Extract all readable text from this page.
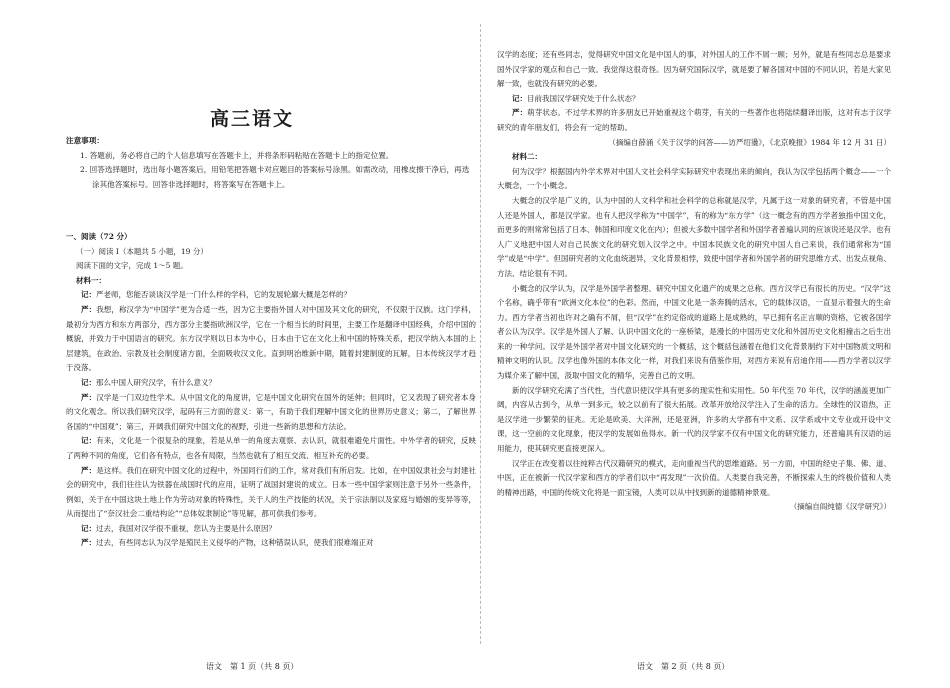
高三语文
注意事项：
1. 答题前，务必将自己的个人信息填写在答题卡上，并将条形码粘贴在答题卡上的指定位置。
2. 回答选择题时，选出每小题答案后，用铅笔把答题卡对应题目的答案标号涂黑。如需改动，用橡皮擦干净后，再选涂其他答案标号。回答非选择题时，将答案写在答题卡上。
一、阅读（72 分）
（一）阅读 I（本题共 5 小题，19 分）
阅读下面的文字，完成 1～5 题。
材料一：

记：严老师，您能否谈谈汉学是一门什么样的学科，它的发展轮廓大概是怎样的？

严：我想，称汉学为“中国学”更为合适一些，因为它主要指外国人对中国及其文化的研究，不仅限于汉族。这门学科，最初分为西方和东方两部分，西方部分主要指欧洲汉学，它在一个相当长的时间里，主要工作是翻译中国经典，介绍中国的概貌，并致力于中国语言的研究。东方汉学则以日本为中心，日本由于它在文化上和中国的特殊关系，把汉学纳入本国的上层建筑，在政治、宗教及社会制度诸方面，全面吸收汉文化。直到明治维新中期，随着封建制度的瓦解，日本传统汉学才趋于没落。

记：那么中国人研究汉学，有什么意义？

严：汉学是一门双边性学术。从中国文化的角度讲，它是中国文化研究在国外的延伸；但同时，它又表现了研究者本身的文化观念。所以我们研究汉学，起码有三方面的意义：第一，有助于我们理解中国文化的世界历史意义；第二，了解世界各国的“中国观”；第三，开阔我们研究中国文化的视野，引进一些新的思想和方法论。

记：有来，文化是一个很复杂的现象，若是从单一的角度去观察、去认识，就很难避免片面性。中外学者的研究，反映了两种不同的角度，它们各有特点，也各有局限，当然也就有了相互交流、相互补充的必要。

严：是这样。我们在研究中国文化的过程中，外国同行们的工作，常对我们有所启发。比如，在中国奴隶社会与封建社会的研究中，我们往往认为铁器在战国时代的应用，证明了战国封建说的成立。日本一些中国学家则注意于另外一些条件，例如，关于在中国这块土地上作为劳动对象的特殊性，关于人的生产技能的状况，关于宗法制以及家庭与婚姻的变异等等，从而提出了“奈汉社会二重结构论”“总体奴隶制论”等见解，都可供我们参考。

记：过去，我国对汉学很不重视，您认为主要是什么原因？

严：过去，有些同志认为汉学是殖民主义侵华的产物，这种错误认识，使我们很难端正对

语文　第 1 页（共 8 页）

汉学的态度；还有些同志，觉得研究中国文化是中国人的事，对外国人的工作不屑一顾；另外，就是有些同志总是要求国外汉学家的观点和自己一致。我觉得这很奇怪。因为研究国际汉学，就是要了解各国对中国的不同认识，若是大家见解一致，也就没有研究的必要。

记：目前我国汉学研究处于什么状态？

严：萌芽状态。不过学术界的许多朋友已开始重视这个萌芽，有关的一些著作也将陆续翻译出版，这对有志于汉学研究的青年朋友们，将会有一定的帮助。

（摘编自薛涌《关于汉学的问答——访严绍璗》，《北京晚报》1984 年 12 月 31 日）
材料二：

何为汉学？根据国内外学术界对中国人文社会科学实际研究中表现出来的倾向，我认为汉学包括两个概念——一个大概念，一个小概念。

大概念的汉学是广义的，认为中国的人文科学和社会科学的总称就是汉学，凡属于这一对象的研究者，不管是中国人还是外国人，都是汉学家。也有人把汉学称为“中国学”，有的称为“东方学”（这一概念有的西方学者独指中国文化，而更多的则常常包括了日本、韩国和印度文化在内）；但被大多数中国学者和外国学者普遍认同的应该说还是汉学。也有人广义地把中国人对自己民族文化的研究划入汉学之中。中国本民族文化的研究中国人自己来说，我们通常称为“国学”或是“中学”。但国研究者的文化血统迥异，文化背景相悖，致使中国学者和外国学者的研究思维方式、出发点视角、方法、结论很有不同。

小概念的汉学认为，汉学是外国学者整理、研究中国文化遗产的成果之总称。西方汉学已有很长的历史。“汉学”这个名称，确乎带有“欧洲文化本位”的色彩。然而，中国文化是一条奔腾的活水，它的载体汉语，一直显示着强大的生命力。西方学者当初也许对之确有不屑，但“汉学”在约定俗成的道路上是成熟的，早已拥有名正言顺的资格，它被各国学者公认为汉学。汉学是外国人了解、认识中国文化的一座桥梁，是漫长的中国历史文化和外国历史文化相撞击之后生出来的一种学问。汉学是外国学者对中国文化研究的一个概括，这个概括包涵着在他们文化背景制约下对中国物质文明和精神文明的认识。汉学也像外国的本体文化一样，对我们来说有借鉴作用，对西方来说有启迪作用——西方学者以汉学为媒介来了解中国，汲取中国文化的精华，完善自己的文明。

新的汉学研究充满了当代性，当代意识使汉学具有更多的现实性和实用性。50 年代至 70 年代，汉学的涵盖更加广阔，内容从古到今，从单一到多元，较之以前有了很大拓展。改革开放给汉学注入了生命的活力。全球性的汉语热，正是汉学进一步繁荣的征兆。无论是欧美、大洋洲，还是亚洲，许多的大学都有中文系、汉学系或中文专业或开设中文课，这一空前的文化现象，使汉学的发展如鱼得水。新一代的汉学家不仅有中国文化的研究能力，还普遍具有汉语的运用能力，使其研究更直接更深入。

汉学正在改变着以往纯粹古代汉籍研究的模式，走向重视当代的思维道路。另一方面，中国的经史子集、佛、道、中医，正在被新一代汉学家和西方的学者们以中“再发现”一次价值。人类要自我完善，不断探索人生的终极价值和人类的精神出路，中国的传统文化将是一面宝镜，人类可以从中找到新的道德精神景观。

（摘编自阎纯德《汉学研究》）
语文　第 2 页（共 8 页）
